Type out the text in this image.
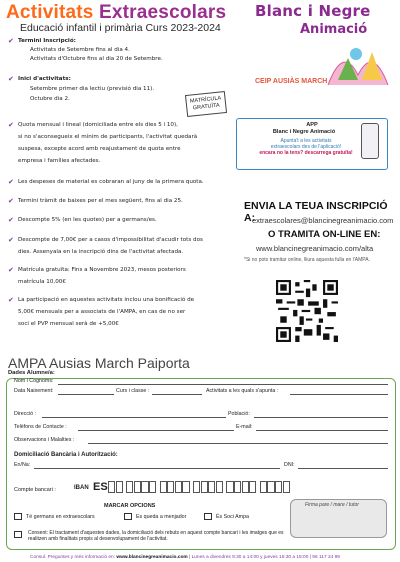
Activitats Extraescolars
Educació infantil i primària Curs 2023-2024
Blanc i Negre
Animació
CEIP AUSIÀS MARCH
✔ Termini Inscripció:
Activitats de Setembre fins al dia 4.
Activitats d'Octubre fins al dia 20 de Setembre.
✔ Inici d'activitats:
Setembre primer dia lectiu (previsió dia 11).
Octubre dia 2.
✔ Quota mensual i lineal (domiciliada entre els dies 5 i 10),
si no s'aconsegueix el mínim de participants, l'activitat quedarà
suspesa, excepte acord amb reajustament de quota entre
empresa i famílies afectades.
✔ Les despeses de material es cobraran al juny de la primera quota.
✔ Termini tràmit de baixes per el mes següent, fins al dia 25.
✔ Descompte 5% (en les quotes) per a germans/es.
✔ Descompte de 7,00€ per a casos d'impossibilitat d'acudir tots dos
dies. Assenyala en la inscripció dins de l'activitat afectada.
✔ Matrícula gratuïta: Fins a Novembre 2023, mesos posteriors
matrícula 10,00€
✔ La participació en aquestes activitats inclou una bonificació de
5,00€ mensuals per a associats de l'AMPA, en cas de no ser
soci el PVP mensual serà de +5,00€
MATRÍCULA
GRATUÏTA
APP
Blanc i Negre Animació
Apunta't a les activitats
extraescolars des de l'aplicació!
encara no la tens? descarrega gratuïta!
ENVIA LA TEUA INSCRIPCIÓ A:
extraescolares@blancinegreanimacio.com
O TRAMITA ON-LINE EN:
www.blancinegreanimacio.com/alta
*Si no pots tramitar online, lliura aquesta fulla en l'AMPA.
AMPA Ausias March Paiporta
Dades Alumne/a:
Nom i Cognoms:
Data Naixement:	Curs i classe :	Activitats a les quals s'apunta :
Direcció :	Població:
Telèfons de Contacte :	E-mail:
Observacions i Malalties :
Domiciliació Bancària i Autorització:
En/Na:	DNI:
Compte bancari :	IBAN ES
MARCAR OPCIONS
Té germans en extraescolars	Es queda a menjador	És Soci Ampa
Firma pare / mare / tutor
Consent: El tractament d'aquestes dades, la domiciliació dels rebuts en aquest compte bancari i les imatges que es realitzen amb finalitats propis al desenvolupament de l'activitat.
Consul. Preguntes y més informació en: www.blancinegreanimacio.com | Lunes a divendres 9:30 a 14:00 y jueves 15:30 a 18:00 | 96 117 24 99
